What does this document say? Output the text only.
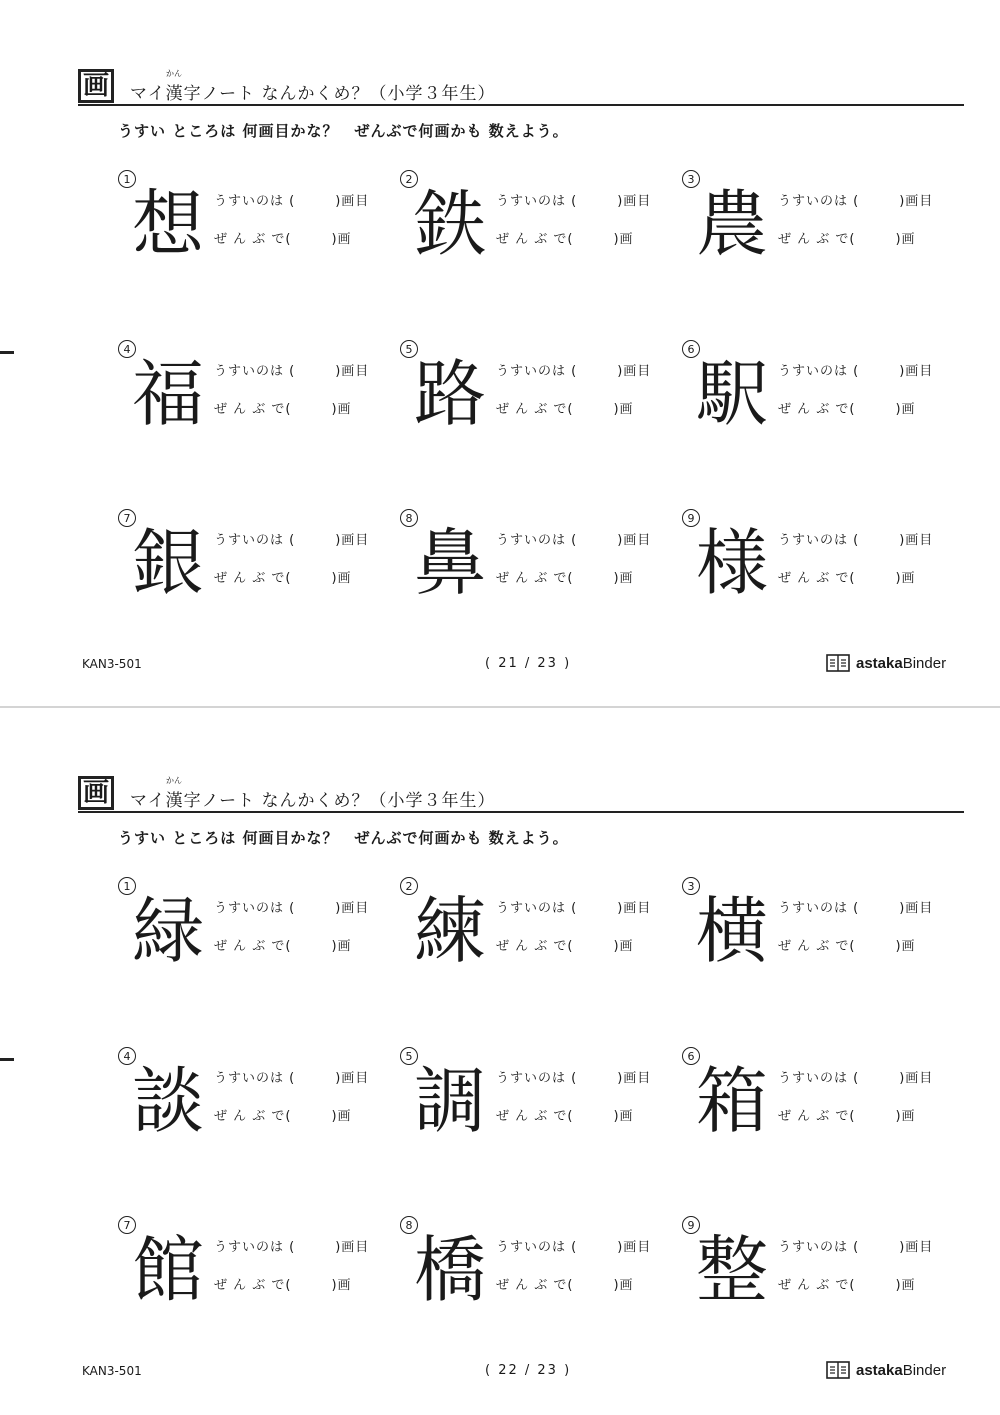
画	かん
マイ漢字ノート なんかくめ？（小学３年生）
うすい ところは 何画目かな？　ぜんぶで何画かも 数えよう。
1
想 うすいのは (	)画目
ぜ ん ぶ で(	)画
2
鉄 うすいのは (	)画目
ぜ ん ぶ で(	)画
3
農 うすいのは (	)画目
ぜ ん ぶ で(	)画
4
福 うすいのは (	)画目
ぜ ん ぶ で(	)画
5
路 うすいのは (	)画目
ぜ ん ぶ で(	)画
6
駅 うすいのは (	)画目
ぜ ん ぶ で(	)画
7
銀 うすいのは (	)画目
ぜ ん ぶ で(	)画
8
鼻 うすいのは (	)画目
ぜ ん ぶ で(	)画
9
様 うすいのは (	)画目
ぜ ん ぶ で(	)画
KAN3-501	( 21 / 23 )	astakaBinder
画	かん
マイ漢字ノート なんかくめ？（小学３年生）
うすい ところは 何画目かな？　ぜんぶで何画かも 数えよう。
1
緑 うすいのは (	)画目
ぜ ん ぶ で(	)画
2
練 うすいのは (	)画目
ぜ ん ぶ で(	)画
3
横 うすいのは (	)画目
ぜ ん ぶ で(	)画
4
談 うすいのは (	)画目
ぜ ん ぶ で(	)画
5
調 うすいのは (	)画目
ぜ ん ぶ で(	)画
6
箱 うすいのは (	)画目
ぜ ん ぶ で(	)画
7
館 うすいのは (	)画目
ぜ ん ぶ で(	)画
8
橋 うすいのは (	)画目
ぜ ん ぶ で(	)画
9
整 うすいのは (	)画目
ぜ ん ぶ で(	)画
KAN3-501	( 22 / 23 )	astakaBinder
